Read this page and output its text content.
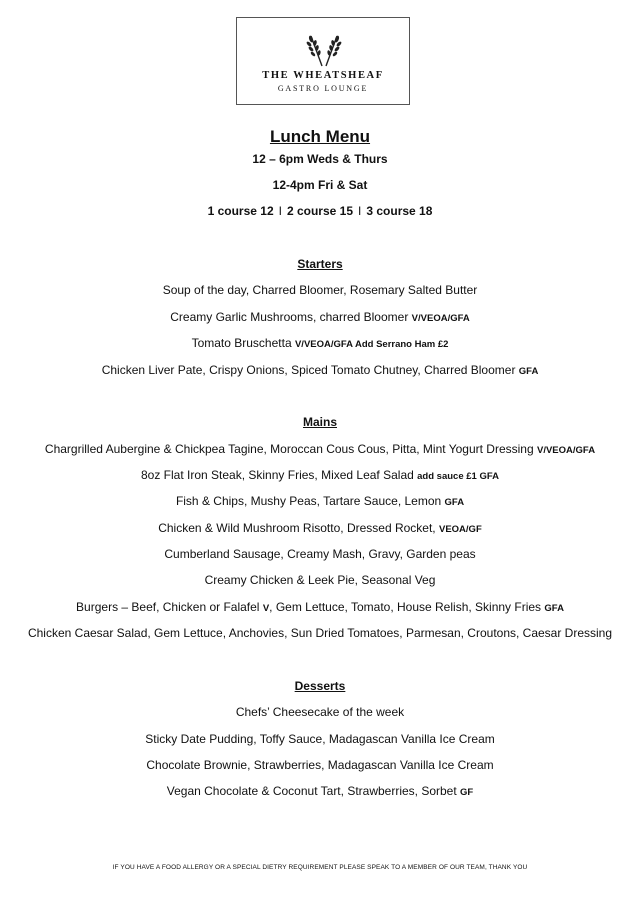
THE WHEATSHEAF
GASTRO LOUNGE
Lunch Menu
12 – 6pm Weds & Thurs
12-4pm Fri & Sat
1 course 12 I 2 course 15 I 3 course 18
Starters
Soup of the day, Charred Bloomer, Rosemary Salted Butter
Creamy Garlic Mushrooms, charred Bloomer V/VEOA/GFA
Tomato Bruschetta V/VEOA/GFA Add Serrano Ham £2
Chicken Liver Pate, Crispy Onions, Spiced Tomato Chutney, Charred Bloomer GFA
Mains
Chargrilled Aubergine & Chickpea Tagine, Moroccan Cous Cous, Pitta, Mint Yogurt Dressing V/VEOA/GFA
8oz Flat Iron Steak, Skinny Fries, Mixed Leaf Salad add sauce £1 GFA
Fish & Chips, Mushy Peas, Tartare Sauce, Lemon GFA
Chicken & Wild Mushroom Risotto, Dressed Rocket, VEOA/GF
Cumberland Sausage, Creamy Mash, Gravy, Garden peas
Creamy Chicken & Leek Pie, Seasonal Veg
Burgers – Beef, Chicken or Falafel V, Gem Lettuce, Tomato, House Relish, Skinny Fries GFA
Chicken Caesar Salad, Gem Lettuce, Anchovies, Sun Dried Tomatoes, Parmesan, Croutons, Caesar Dressing
Desserts
Chefs’ Cheesecake of the week
Sticky Date Pudding, Toffy Sauce, Madagascan Vanilla Ice Cream
Chocolate Brownie, Strawberries, Madagascan Vanilla Ice Cream
Vegan Chocolate & Coconut Tart, Strawberries, Sorbet GF
IF YOU HAVE A FOOD ALLERGY OR A SPECIAL DIETRY REQUIREMENT PLEASE SPEAK TO A MEMBER OF OUR TEAM, THANK YOU
